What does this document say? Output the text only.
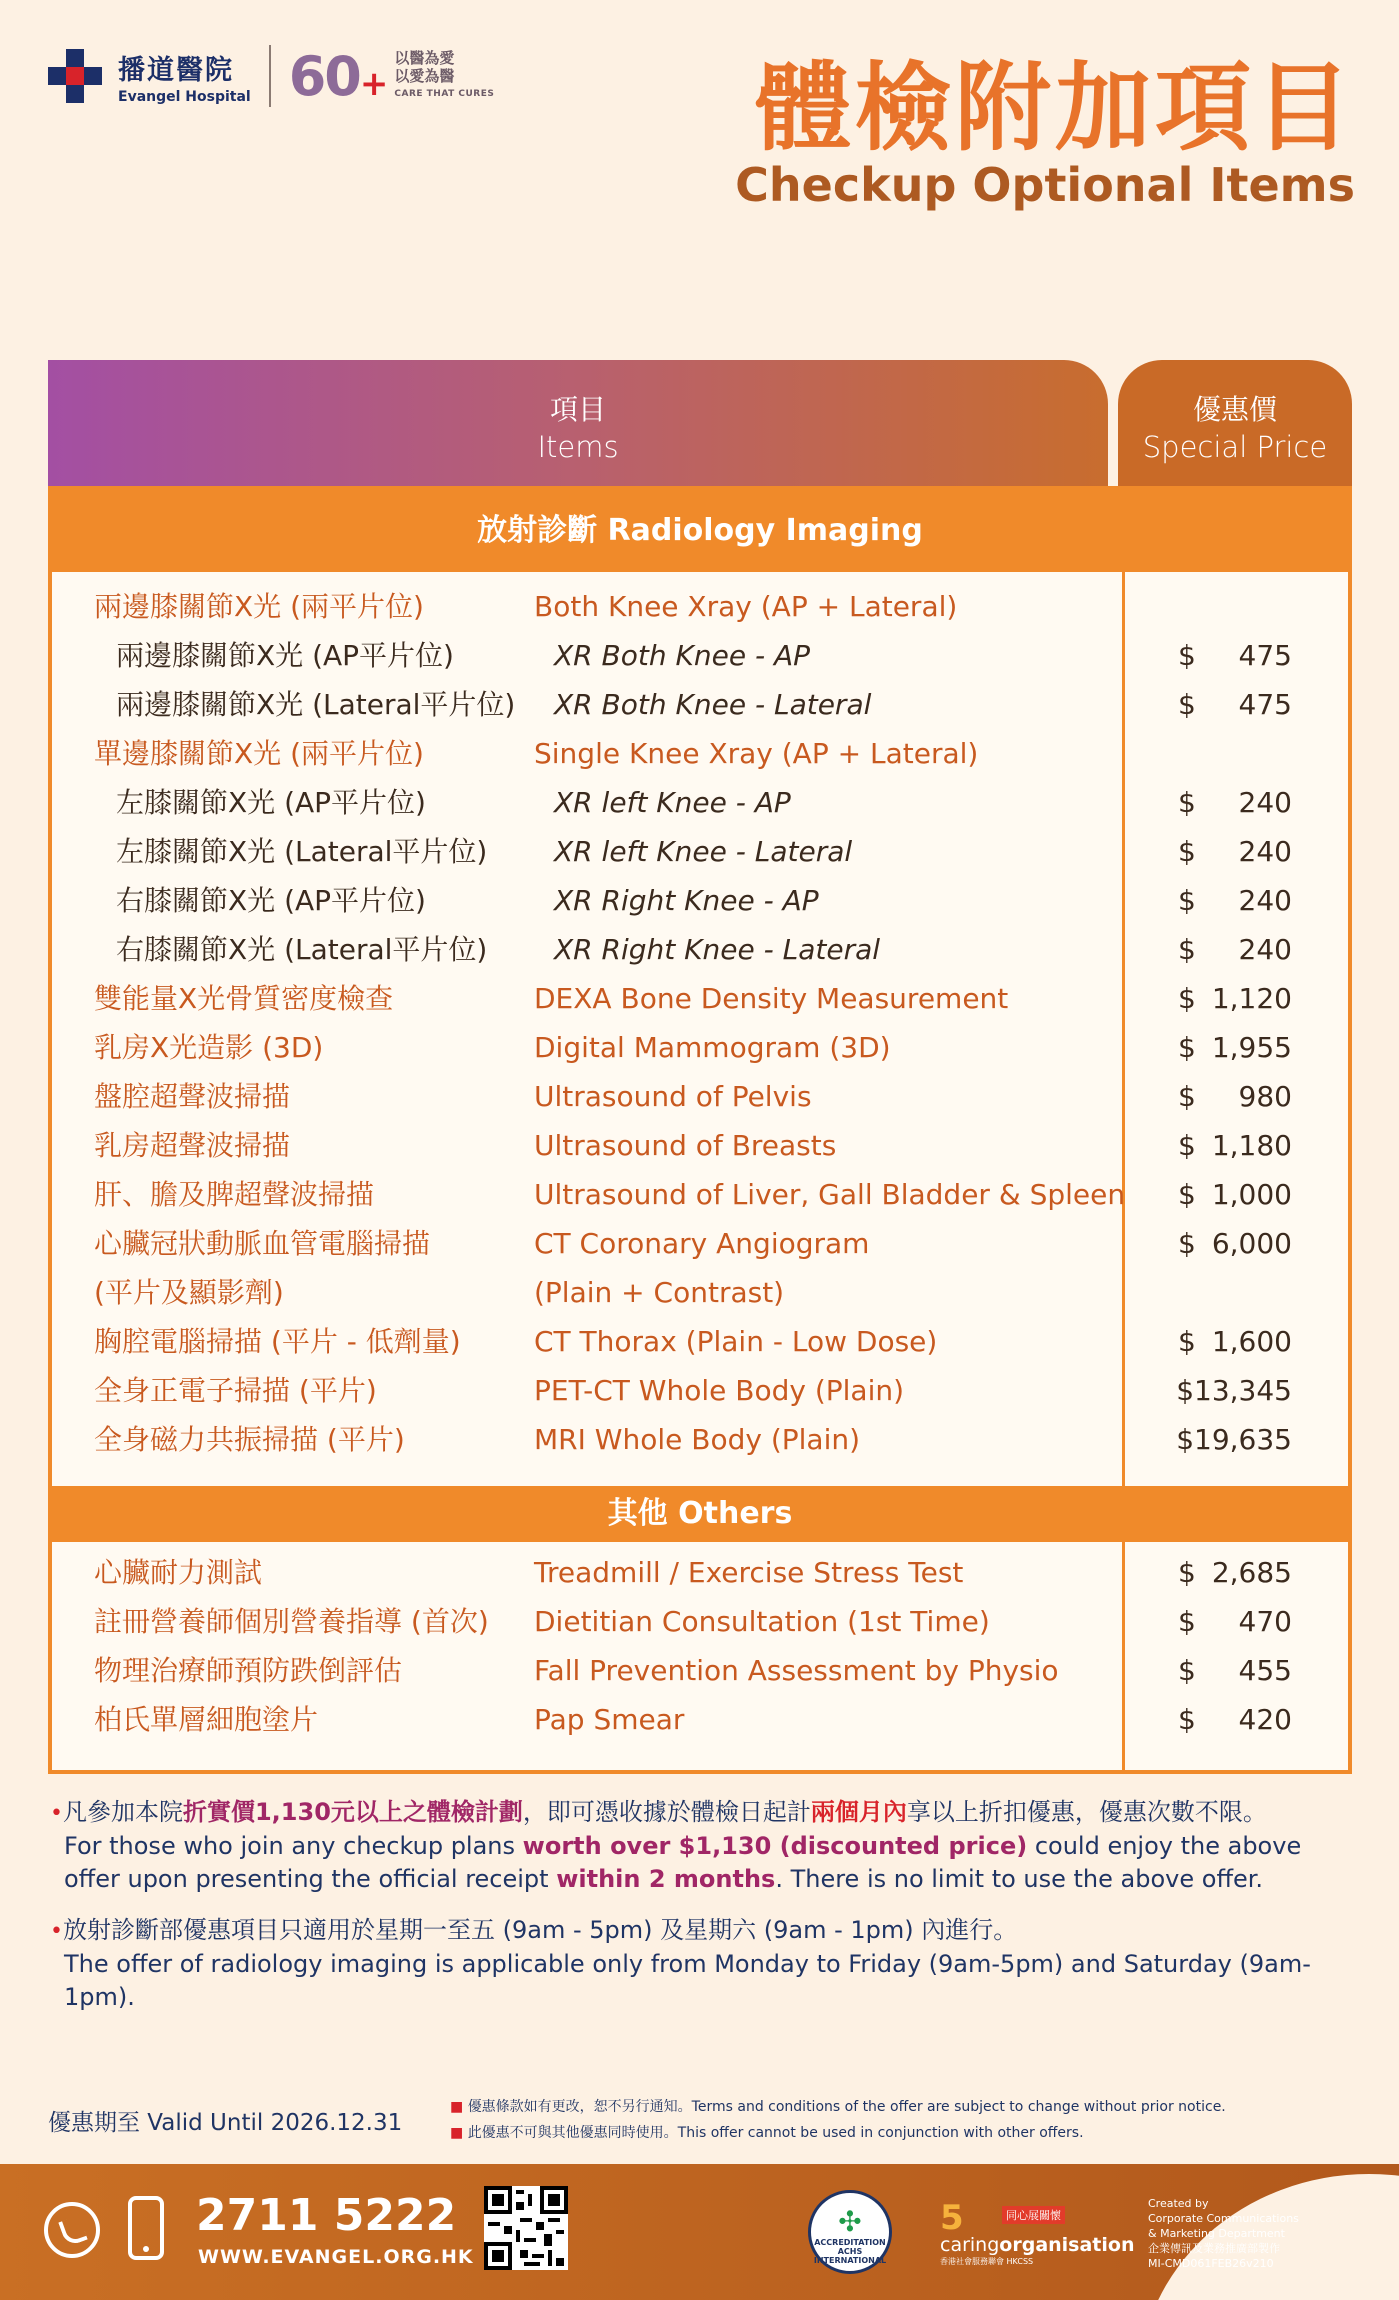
播道醫院
Evangel Hospital 60+
以醫為愛
以愛為醫
CARE THAT CURES	體檢附加項目
Checkup Optional Items
項目
Items
優惠價
Special Price
放射診斷 Radiology Imaging
兩邊膝關節X光 (兩平片位)	Both Knee Xray (AP + Lateral)
兩邊膝關節X光 (AP平片位)	XR Both Knee - AP	$ 475
兩邊膝關節X光 (Lateral平片位) XR Both Knee - Lateral	$ 475
單邊膝關節X光 (兩平片位)	Single Knee Xray (AP + Lateral)
左膝關節X光 (AP平片位)	XR left Knee - AP	$ 240
左膝關節X光 (Lateral平片位) XR left Knee - Lateral	$ 240
右膝關節X光 (AP平片位)	XR Right Knee - AP	$ 240
右膝關節X光 (Lateral平片位) XR Right Knee - Lateral	$ 240
雙能量X光骨質密度檢查	DEXA Bone Density Measurement	$ 1,120
乳房X光造影 (3D)	Digital Mammogram (3D)	$ 1,955
盤腔超聲波掃描	Ultrasound of Pelvis	$ 980
乳房超聲波掃描	Ultrasound of Breasts	$ 1,180
肝、膽及脾超聲波掃描	Ultrasound of Liver, Gall Bladder & Spleen $ 1,000
心臟冠狀動脈血管電腦掃描	CT Coronary Angiogram	$ 6,000
(平片及顯影劑)	(Plain + Contrast)
胸腔電腦掃描 (平片 - 低劑量)	CT Thorax (Plain - Low Dose)	$ 1,600
全身正電子掃描 (平片)	PET-CT Whole Body (Plain)	$13,345
全身磁力共振掃描 (平片)	MRI Whole Body (Plain)	$19,635
其他 Others
心臟耐力測試	Treadmill / Exercise Stress Test	$ 2,685
註冊營養師個別營養指導 (首次) Dietitian Consultation (1st Time)	$ 470
物理治療師預防跌倒評估	Fall Prevention Assessment by Physio	$ 455
柏氏單層細胞塗片	Pap Smear	$ 420
•凡參加本院折實價1,130元以上之體檢計劃，即可憑收據於體檢日起計兩個月內享以上折扣優惠，優惠次數不限。
For those who join any checkup plans worth over $1,130 (discounted price) could enjoy the above
offer upon presenting the official receipt within 2 months. There is no limit to use the above offer.
•放射診斷部優惠項目只適用於星期一至五 (9am - 5pm) 及星期六 (9am - 1pm) 內進行。
The offer of radiology imaging is applicable only from Monday to Friday (9am-5pm) and Saturday (9am-1pm).
優惠期至 Valid Until 2026.12.31
■ 優惠條款如有更改，恕不另行通知。Terms and conditions of the offer are subject to change without prior notice.
■ 此優惠不可與其他優惠同時使用。This offer cannot be used in conjunction with other offers.
2711 5222
WWW.EVANGEL.ORG.HK
✣
ACCREDITATION
ACHS
INTERNATIONAL
5	同心展關懷
caringorganisation
香港社會服務聯會 HKCSS
Created by
Corporate Communications
& Marketing Department
企業傳訊及業務推廣部製作
MI-CMD061FEB26v210
